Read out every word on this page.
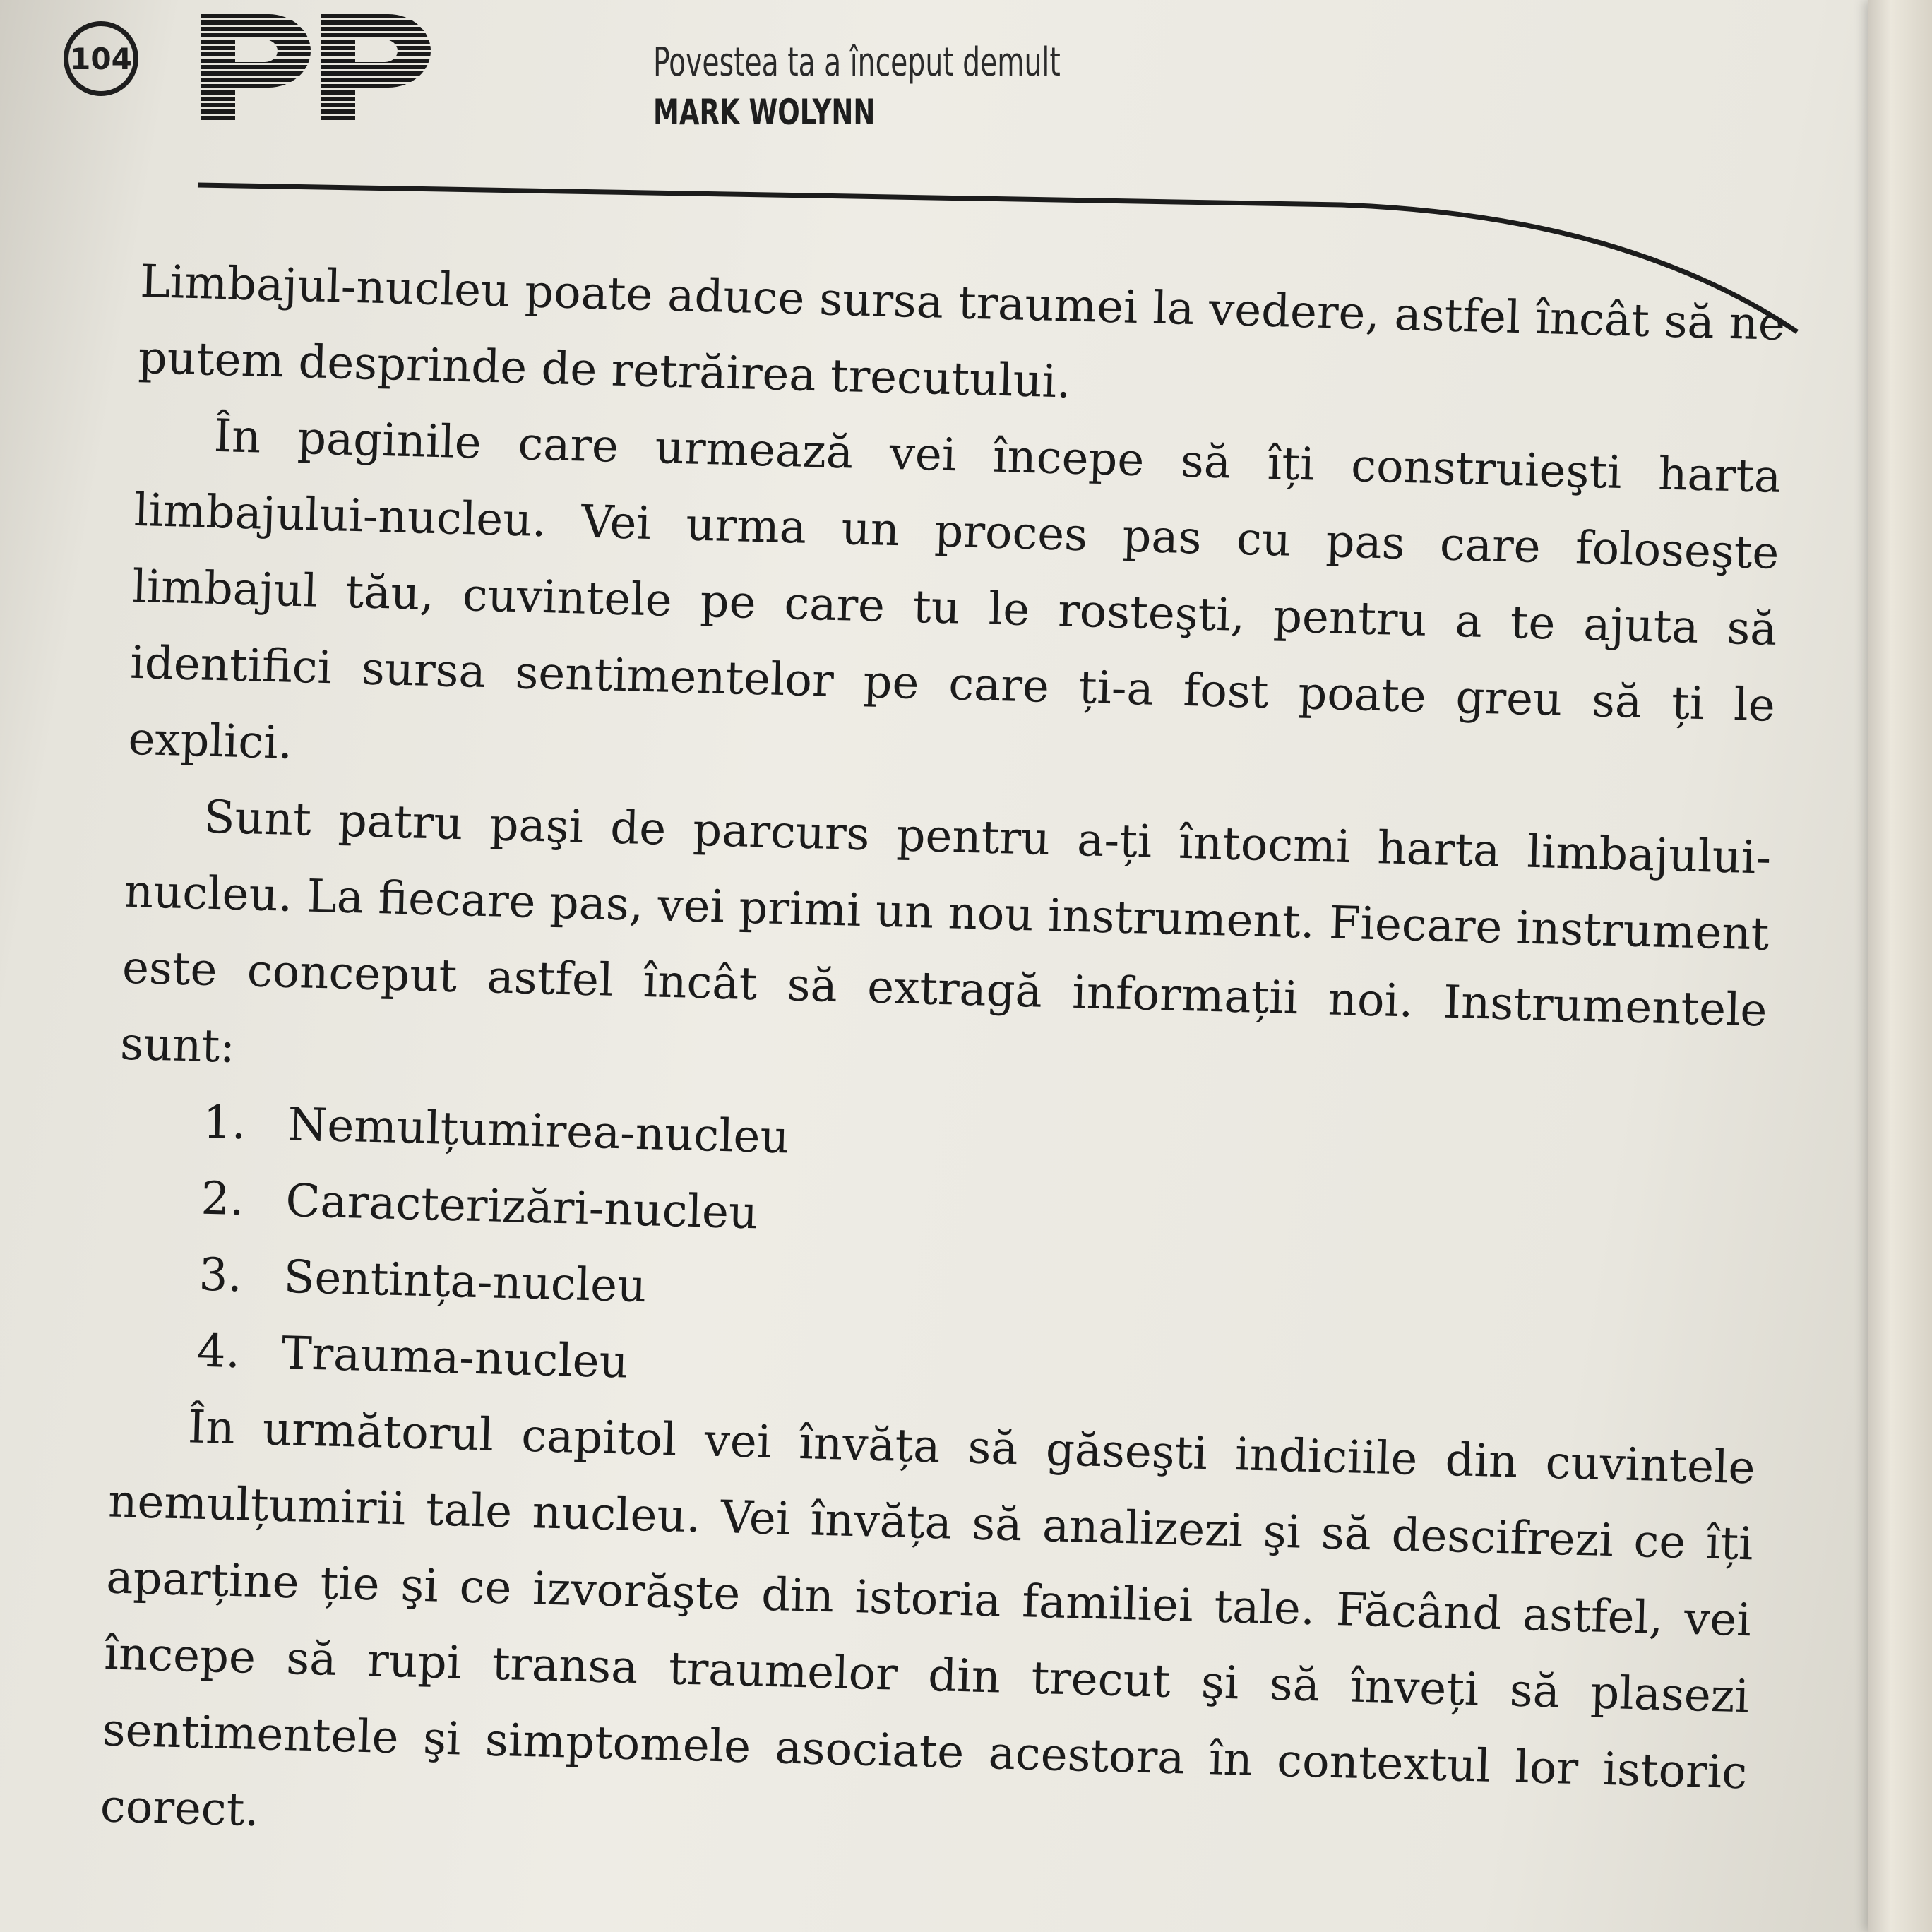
104	Povestea ta a început demult
MARK WOLYNN

Limbajul-nucleu poate aduce sursa traumei la vedere, astfel încât să ne putem desprinde de retrăirea trecutului.

În paginile care urmează vei începe să îți construieşti harta limbajului-nucleu. Vei urma un proces pas cu pas care foloseşte limbajul tău, cuvintele pe care tu le rosteşti, pentru a te ajuta să identifici sursa sentimentelor pe care ți-a fost poate greu să ți le explici.

Sunt patru paşi de parcurs pentru a-ți întocmi harta limbajului-nucleu. La fiecare pas, vei primi un nou instrument. Fiecare instrument este conceput astfel încât să extragă informații noi. Instrumentele sunt:

1. Nemulțumirea-nucleu
2. Caracterizări-nucleu
3. Sentința-nucleu
4. Trauma-nucleu

În următorul capitol vei învăța să găseşti indiciile din cuvintele nemulțumirii tale nucleu. Vei învăța să analizezi şi să descifrezi ce îți aparține ție şi ce izvorăşte din istoria familiei tale. Făcând astfel, vei începe să rupi transa traumelor din trecut şi să înveți să plasezi sentimentele şi simptomele asociate acestora în contextul lor istoric corect.
